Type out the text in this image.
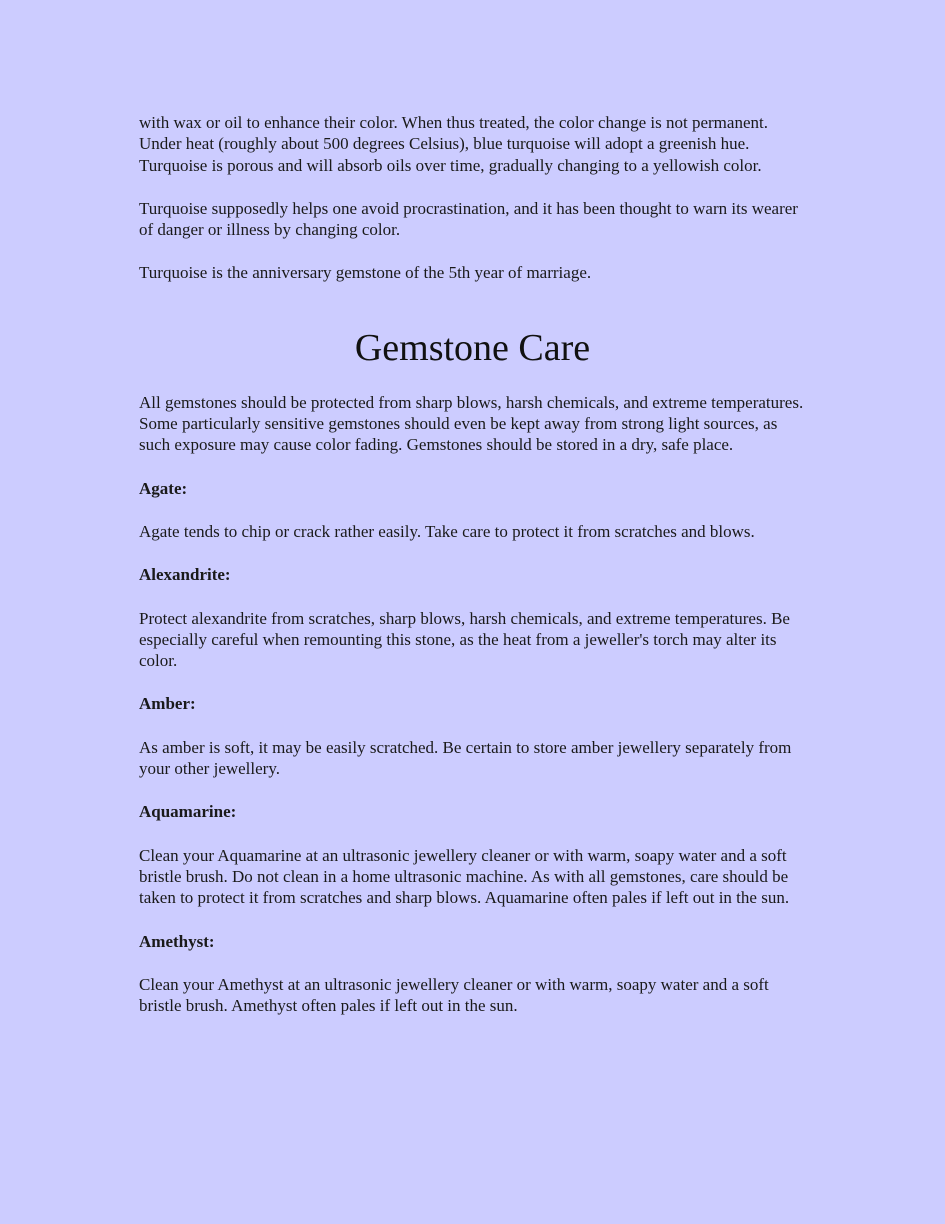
with wax or oil to enhance their color. When thus treated, the color change is not permanent. Under heat (roughly about 500 degrees Celsius), blue turquoise will adopt a greenish hue. Turquoise is porous and will absorb oils over time, gradually changing to a yellowish color.

Turquoise supposedly helps one avoid procrastination, and it has been thought to warn its wearer of danger or illness by changing color.

Turquoise is the anniversary gemstone of the 5th year of marriage.

Gemstone Care

All gemstones should be protected from sharp blows, harsh chemicals, and extreme temperatures. Some particularly sensitive gemstones should even be kept away from strong light sources, as such exposure may cause color fading. Gemstones should be stored in a dry, safe place.

Agate:

Agate tends to chip or crack rather easily. Take care to protect it from scratches and blows.

Alexandrite:

Protect alexandrite from scratches, sharp blows, harsh chemicals, and extreme temperatures. Be especially careful when remounting this stone, as the heat from a jeweller's torch may alter its color.

Amber:

As amber is soft, it may be easily scratched. Be certain to store amber jewellery separately from your other jewellery.

Aquamarine:

Clean your Aquamarine at an ultrasonic jewellery cleaner or with warm, soapy water and a soft bristle brush. Do not clean in a home ultrasonic machine. As with all gemstones, care should be taken to protect it from scratches and sharp blows. Aquamarine often pales if left out in the sun.

Amethyst:

Clean your Amethyst at an ultrasonic jewellery cleaner or with warm, soapy water and a soft bristle brush. Amethyst often pales if left out in the sun.
